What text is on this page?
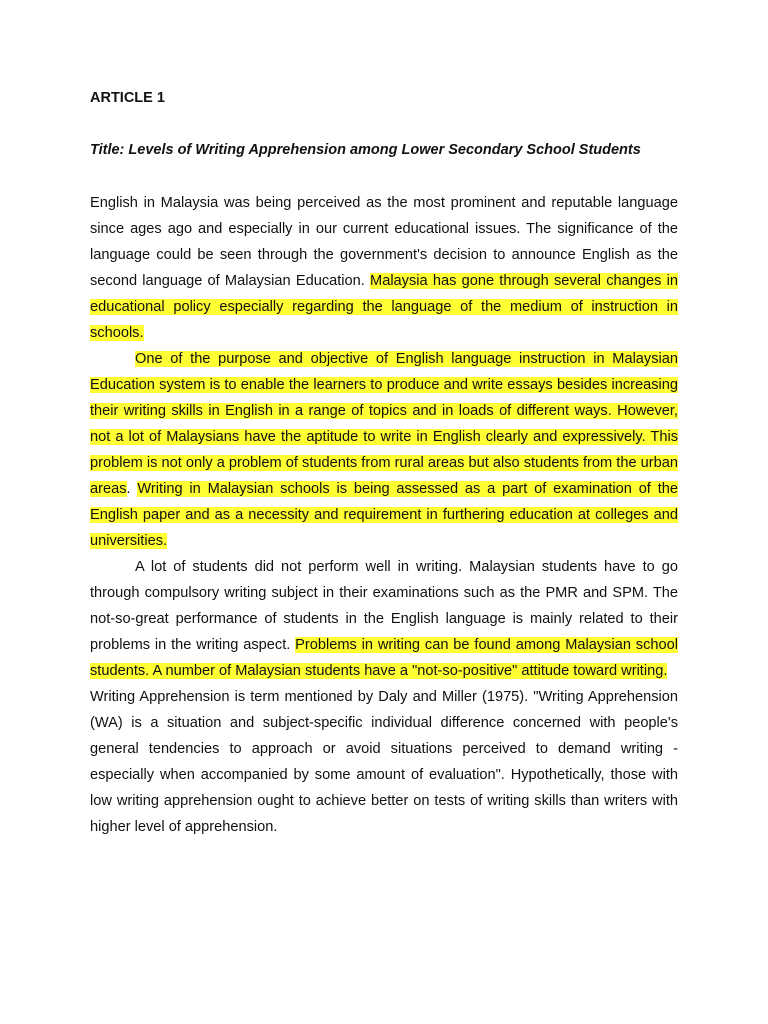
ARTICLE 1
Title: Levels of Writing Apprehension among Lower Secondary School Students

English in Malaysia was being perceived as the most prominent and reputable language since ages ago and especially in our current educational issues. The significance of the language could be seen through the government's decision to announce English as the second language of Malaysian Education. Malaysia has gone through several changes in educational policy especially regarding the language of the medium of instruction in schools.

One of the purpose and objective of English language instruction in Malaysian Education system is to enable the learners to produce and write essays besides increasing their writing skills in English in a range of topics and in loads of different ways. However, not a lot of Malaysians have the aptitude to write in English clearly and expressively. This problem is not only a problem of students from rural areas but also students from the urban areas. Writing in Malaysian schools is being assessed as a part of examination of the English paper and as a necessity and requirement in furthering education at colleges and universities.

A lot of students did not perform well in writing. Malaysian students have to go through compulsory writing subject in their examinations such as the PMR and SPM. The not-so-great performance of students in the English language is mainly related to their problems in the writing aspect. Problems in writing can be found among Malaysian school students. A number of Malaysian students have a "not-so-positive" attitude toward writing.

Writing Apprehension is term mentioned by Daly and Miller (1975). "Writing Apprehension (WA) is a situation and subject-specific individual difference concerned with people's general tendencies to approach or avoid situations perceived to demand writing - especially when accompanied by some amount of evaluation". Hypothetically, those with low writing apprehension ought to achieve better on tests of writing skills than writers with higher level of apprehension.
